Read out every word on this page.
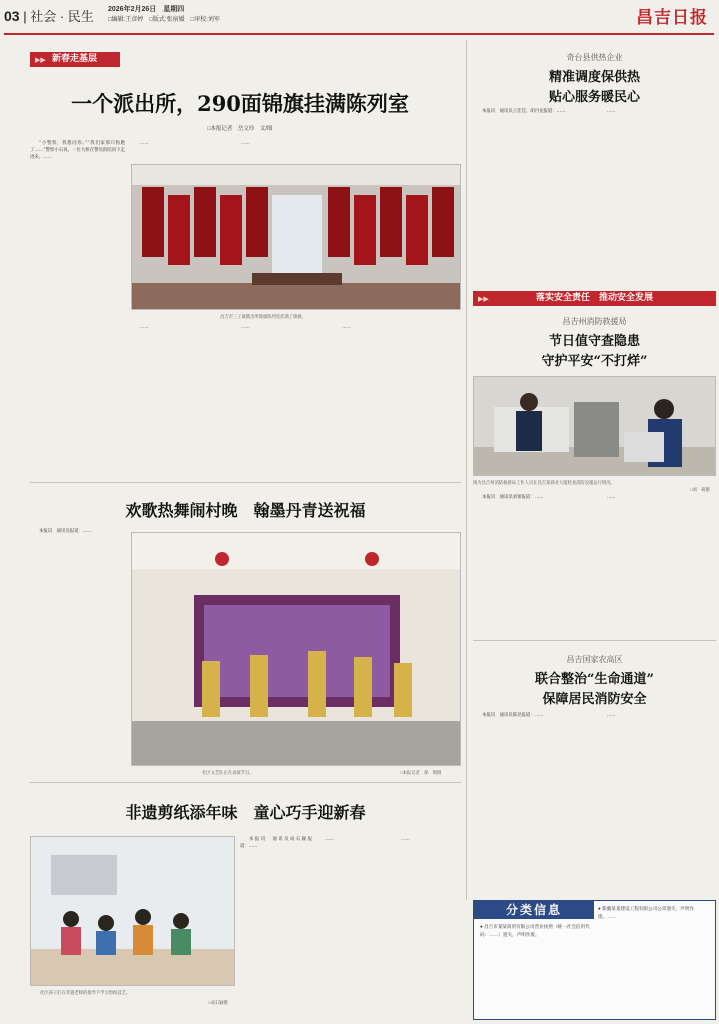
03 | 社会 · 民生 2026年2月26日　星期四
□编辑:王彦婷　□版式:张宿媛　□审校:刘军	昌吉日报
▶▶ 新春走基层
一个派出所，290面锦旗挂满陈列室
□本报记者　岳文玲　文/图
“小警察，我想问你。”“我们家那只狗跑了……”警察小石说。一位大姐在警员的陪同下走进来。……
昌吉市三工镇派出所锦旗陈列室挂满了锦旗。
……	……
……	……	……
奇台县供热企业
精准调度保供热
贴心服务暖民心
本报讯　通讯员王佳佳、胡丹龙报道：……	……
▶▶ 落实安全责任　推动安全发展
昌吉州消防救援局
节日值守查隐患
守护平安“不打烊”
图为昌吉州消防救援局工作人员在昌吉某商业大厦检查消防设施运行情况。
□刘　莉摄
本报讯　通讯员刘蕾报道：……	……
昌吉国家农高区
联合整治“生命通道”
保障居民消防安全
本报讯　通讯员陈昆报道：……	……
欢歌热舞闹村晚　翰墨丹青送祝福
本报讯　通讯员报道：……
社区文艺队正在表演节目。	□本报记者　保　钢摄
非遗剪纸添年味　童心巧手迎新春
社区孩子们在非遗老师的指导下学习剪纸技艺。
□成石颖摄
本报讯　通讯员成石颖报道：……
……	……
分类信息
● 昌吉市某某商贸有限公司营业执照（统一社会信用代码：……）遗失，声明作废。
● 新疆某某建设工程有限公司公章遗失，声明作废。……
